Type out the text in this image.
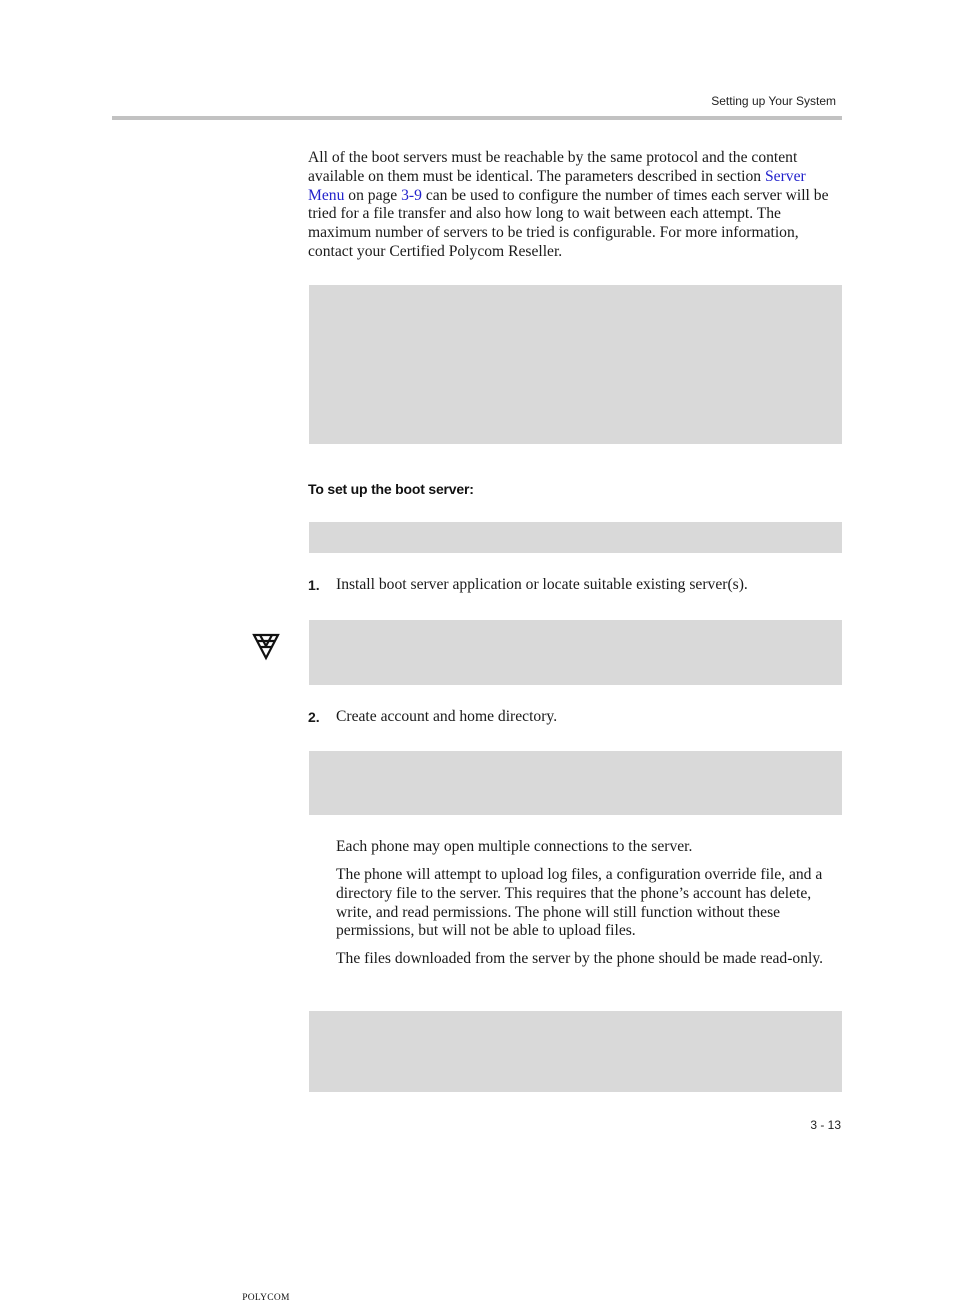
Setting up Your System

All of the boot servers must be reachable by the same protocol and the content available on them must be identical. The parameters described in section Server Menu on page 3-9 can be used to configure the number of times each server will be tried for a file transfer and also how long to wait between each attempt. The maximum number of servers to be tried is configurable. For more information, contact your Certified Polycom Reseller.

To set up the boot server:
1. Install boot server application or locate suitable existing server(s).
POLYCOM
2. Create account and home directory.

Each phone may open multiple connections to the server.

The phone will attempt to upload log files, a configuration override file, and a directory file to the server. This requires that the phone’s account has delete, write, and read permissions. The phone will still function without these permissions, but will not be able to upload files.

The files downloaded from the server by the phone should be made read-only.

3 - 13
